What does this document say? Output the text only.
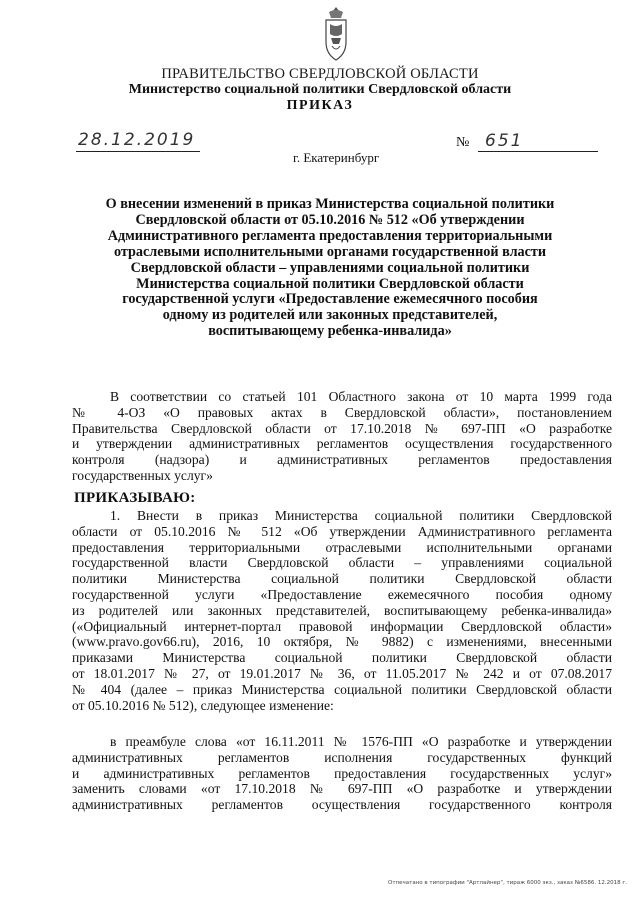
ПРАВИТЕЛЬСТВО СВЕРДЛОВСКОЙ ОБЛАСТИ
Министерство социальной политики Свердловской области
ПРИКАЗ
28.12.2019	№ 651
г. Екатеринбург
О внесении изменений в приказ Министерства социальной политики
Свердловской области от 05.10.2016 № 512 «Об утверждении
Административного регламента предоставления территориальными
отраслевыми исполнительными органами государственной власти
Свердловской области – управлениями социальной политики
Министерства социальной политики Свердловской области
государственной услуги «Предоставление ежемесячного пособия
одному из родителей или законных представителей,
воспитывающему ребенка-инвалида»
В соответствии со статьей 101 Областного закона от 10 марта 1999 года
№ 4-ОЗ «О правовых актах в Свердловской области», постановлением
Правительства Свердловской области от 17.10.2018 № 697-ПП «О разработке
и утверждении административных регламентов осуществления государственного
контроля (надзора) и административных регламентов предоставления
государственных услуг»
ПРИКАЗЫВАЮ:
1. Внести в приказ Министерства социальной политики Свердловской
области от 05.10.2016 № 512 «Об утверждении Административного регламента
предоставления территориальными отраслевыми исполнительными органами
государственной власти Свердловской области – управлениями социальной
политики Министерства социальной политики Свердловской области
государственной услуги «Предоставление ежемесячного пособия одному
из родителей или законных представителей, воспитывающему ребенка-инвалида»
(«Официальный интернет-портал правовой информации Свердловской области»
(www.pravo.gov66.ru), 2016, 10 октября, № 9882) с изменениями, внесенными
приказами Министерства социальной политики Свердловской области
от 18.01.2017 № 27, от 19.01.2017 № 36, от 11.05.2017 № 242 и от 07.08.2017
№ 404 (далее – приказ Министерства социальной политики Свердловской области
от 05.10.2016 № 512), следующее изменение:
в преамбуле слова «от 16.11.2011 № 1576-ПП «О разработке и утверждении
административных регламентов исполнения государственных функций
и административных регламентов предоставления государственных услуг»
заменить словами «от 17.10.2018 № 697-ПП «О разработке и утверждении
административных регламентов осуществления государственного контроля
Отпечатано в типографии "Артлайнер", тираж 6000 экз., заказ №6586. 12.2018 г.
